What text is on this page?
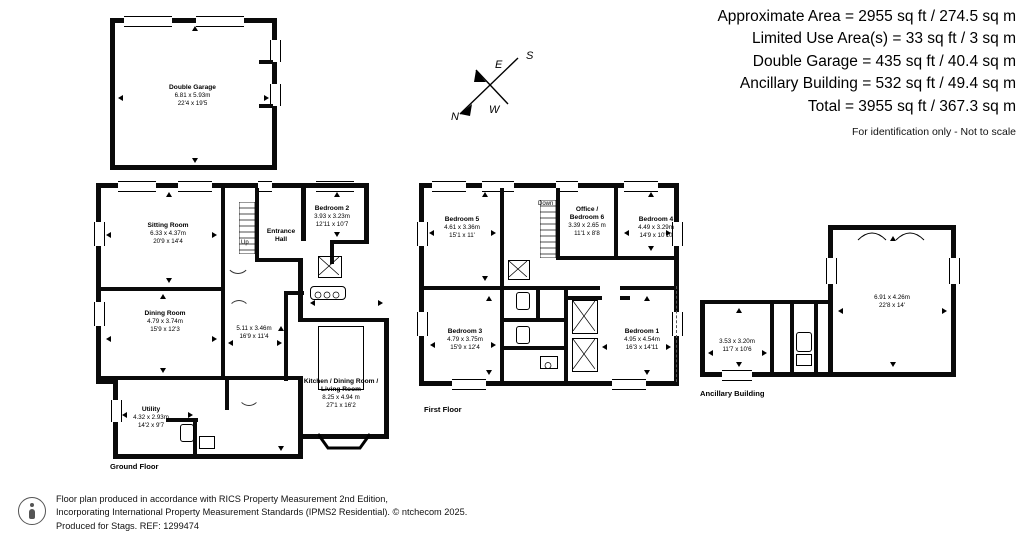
Approximate Area = 2955 sq ft / 274.5 sq m
Limited Use Area(s) = 33 sq ft / 3 sq m
Double Garage = 435 sq ft / 40.4 sq m
Ancillary Building = 532 sq ft / 49.4 sq m
Total = 3955 sq ft / 367.3 sq m
For identification only - Not to scale
S
E
N
W
Double Garage
6.81 x 5.93m
22'4 x 19'5
Up
Sitting Room
6.33 x 4.37m
20'9 x 14'4
Entrance
Hall
Bedroom 2
3.93 x 3.23m
12'11 x 10'7
Dining Room
4.79 x 3.74m
15'9 x 12'3	5.11 x 3.46m
16'9 x 11'4
Kitchen / Dining Room /
Living Room
8.25 x 4.94 m
27'1 x 16'2
Utility
4.32 x 2.93m
14'2 x 9'7
Ground Floor
Down
Bedroom 5
4.61 x 3.36m
15'1 x 11'
Office /
Bedroom 6
3.39 x 2.65 m
11'1 x 8'8
Bedroom 4
4.49 x 3.29m
14'9 x 10'10
Bedroom 3
4.79 x 3.75m
15'9 x 12'4
Bedroom 1
4.95 x 4.54m
16'3 x 14'11
First Floor
6.91 x 4.26m
22'8 x 14'
3.53 x 3.20m
11'7 x 10'6
Ancillary Building
Floor plan produced in accordance with RICS Property Measurement 2nd Edition,
Incorporating International Property Measurement Standards (IPMS2 Residential). © ntchecom 2025.
Produced for Stags. REF: 1299474
